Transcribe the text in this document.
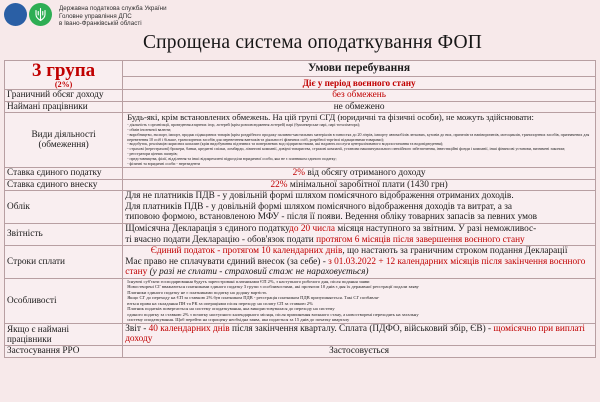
Державна податкова служба України
Головне управління ДПС
в Івано-Франківській області
Спрощена система оподаткування ФОП
3 група
(2%)	Умови перебування
	Діє у період воєнного стану
Граничний обсяг доходу	без обмежень
Наймані працівники	не обмежено

Види діяльності
(обмеження)

Будь-які, крім встановлених обмежень. На цій групі СГД (юридичні та фізичні особи), не можуть здійснювати:
- діяльність з організації, проведення азартних ігор, лотерей (крім розповсюдження лотерей) парі (букмекерське парі, парі тоталізатора);
- обмін іноземної валюти;
- виробництво, експорт, імпорт, продаж підакцизних товарів (крім роздрібного продажу паливно-мастильних матеріалів в ємностях до 20 літрів, імпорту автомобілів легкових, кузовів до них, причепів та напівпричепів, мотоциклів, транспортних засобів, призначених для перевезення 10 осіб і більше, транспортних засобів для перевезення вантажів та діяльності фізичних осіб, розрібної торгівлі підакцизними товарами);
- видобуток, реалізацію корисних копалин (крім видобування підземних та поверхневих вод підприємствами, які надають послуги централізованого водопостачання та водовідведення);
- страхові (перестрахові) брокери, банки, кредитні спілки, ломбарди, лізингові компанії, довірчі товариства, страхові компанії, установи накопичувального пенсійного забезпечення, інвестиційні фонди і компанії, інші фінансові установи, визначені законом;
- реєстратори цінних паперів;
- представництва, філії, відділення та інші відокремлені підрозділи юридичної особи, яка не є платником єдиного податку;
- фізичні та юридичні особи - нерезиденти

Ставка єдиного податку	2% від обсягу отриманого доходу
Ставка єдиного внеску	22% мінімальної заробітної плати (1430 грн)
Облік	Для не платників ПДВ - у довільній формі шляхом помісячного відображення отриманих доходів.
Для платників ПДВ - у довільній формі шляхом помісячного відображення доходів та витрат, а за
типовою формою, встановленою МФУ - після її появи. Ведення обліку товарних запасів за певних умов

Звітність	Щомісячна Декларація з єдиного податкудо 20 числа місяця наступного за звітним. У разі неможливос-
ті вчасно подати Декларацію - обов'язок подати протягом 6 місяців після завершення воєнного стану

Строки сплати	Єдиний податок - протягом 10 календарних днів, що настають за граничним строком подання Декларації
Має право не сплачувати єдиний внесок (за себе) - з 01.03.2022 + 12 календарних місяців після закінчення воєнного стану (у разі не сплати - страховий стаж не нараховується)

Особливості	
Існуючі суб'єкти господарювання будуть зареєстровані платниками ЄП 2%, з наступного робочого дня, після подання заяви
Новостворені СГ вважаються платниками єдиного податку 3 групи з особливостями, які протягом 10 днів з дня їх державної реєстрації подали заяву
Платники єдиного податку не є платниками податку на додану вартість
Якщо СГ до переходу на ЄП за ставкою 2% був платником ПДВ - реєстрація платником ПДВ призупиняється. Такі СГ позбавля-
ються права на складання ПН та РК за операціями після переходу на сплату СП за ставкою 2%
Платник податків повертається на систему оподаткування, яка використовувалася до переходу на систему
єдиного податку за ставкою 2% з початку наступного календарного місяця, після припинення воєнного стану, а новостворені переходять на загальну
систему оподаткування. Щоб перейти на спрощену необхідна заява, яка подається за 15 днів до початку кварталу

Якщо є наймані
працівники	Звіт - 40 календарних днів після закінчення кварталу. Сплата (ПДФО, військовий збір, ЄВ) - щомісячно при виплаті доходу
Застосування РРО	Застосовується
